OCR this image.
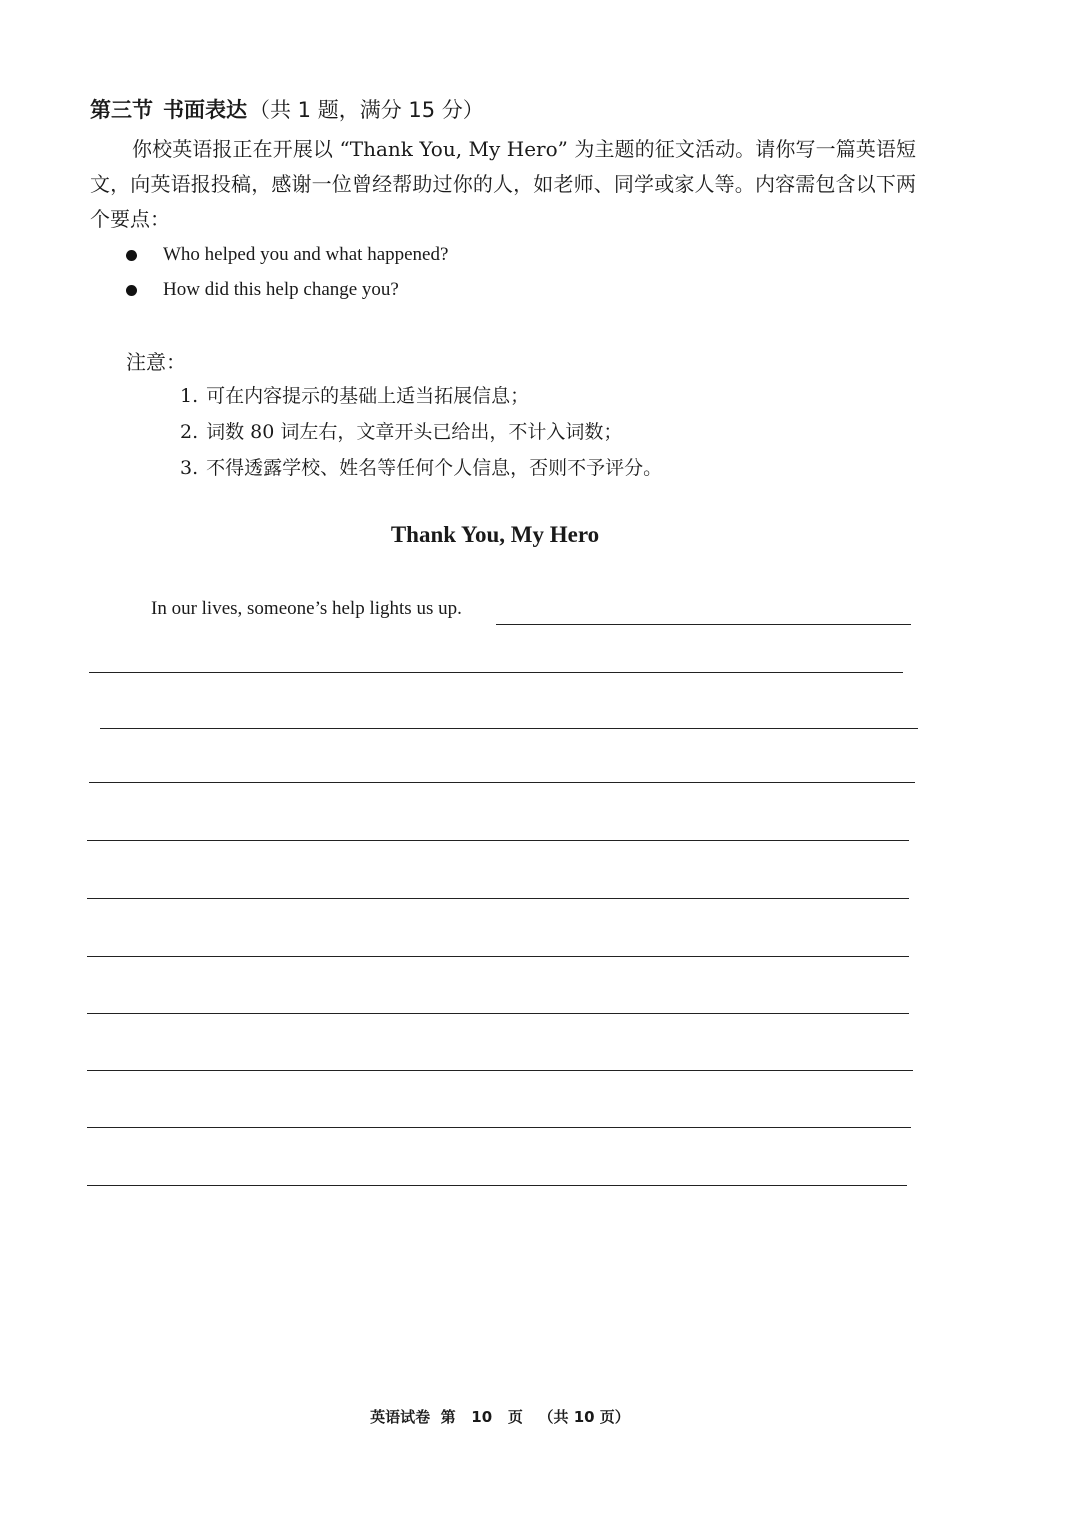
第三节 书面表达（共 1 题，满分 15 分）
你校英语报正在开展以 “Thank You, My Hero” 为主题的征文活动。请你写一篇英语短文，向英语报投稿，感谢一位曾经帮助过你的人，如老师、同学或家人等。内容需包含以下两个要点：
Who helped you and what happened?
How did this help change you?
注意：
1. 可在内容提示的基础上适当拓展信息；
2. 词数 80 词左右，文章开头已给出，不计入词数；
3. 不得透露学校、姓名等任何个人信息，否则不予评分。
Thank You, My Hero
In our lives, someone’s help lights us up.
英语试卷  第   10   页   （共 10 页）
